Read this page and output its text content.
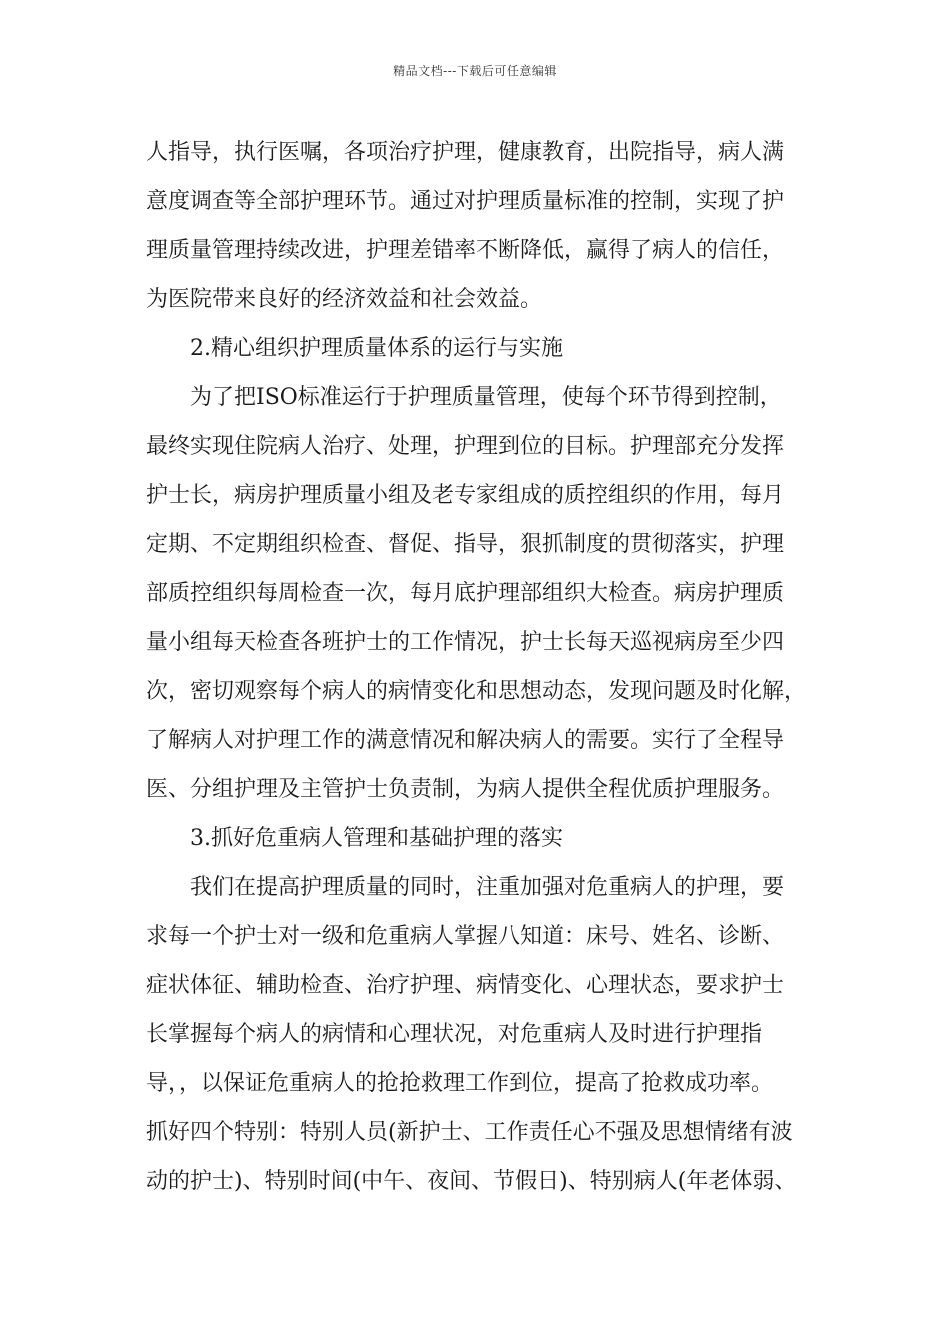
精品文档---下载后可任意编辑
人指导，执行医嘱，各项治疗护理，健康教育，出院指导，病人满
意度调查等全部护理环节。通过对护理质量标准的控制，实现了护
理质量管理持续改进，护理差错率不断降低，赢得了病人的信任，
为医院带来良好的经济效益和社会效益。
2.精心组织护理质量体系的运行与实施
为了把ISO标准运行于护理质量管理，使每个环节得到控制，
最终实现住院病人治疗、处理，护理到位的目标。护理部充分发挥
护士长，病房护理质量小组及老专家组成的质控组织的作用，每月
定期、不定期组织检查、督促、指导，狠抓制度的贯彻落实，护理
部质控组织每周检查一次，每月底护理部组织大检查。病房护理质
量小组每天检查各班护士的工作情况，护士长每天巡视病房至少四
次，密切观察每个病人的病情变化和思想动态，发现问题及时化解，
了解病人对护理工作的满意情况和解决病人的需要。实行了全程导
医、分组护理及主管护士负责制，为病人提供全程优质护理服务。
3.抓好危重病人管理和基础护理的落实
我们在提高护理质量的同时，注重加强对危重病人的护理，要
求每一个护士对一级和危重病人掌握八知道：床号、姓名、诊断、
症状体征、辅助检查、治疗护理、病情变化、心理状态，要求护士
长掌握每个病人的病情和心理状况，对危重病人及时进行护理指
导，，以保证危重病人的抢抢救理工作到位，提高了抢救成功率。
抓好四个特别：特别人员(新护士、工作责任心不强及思想情绪有波
动的护士)、特别时间(中午、夜间、节假日)、特别病人(年老体弱、
